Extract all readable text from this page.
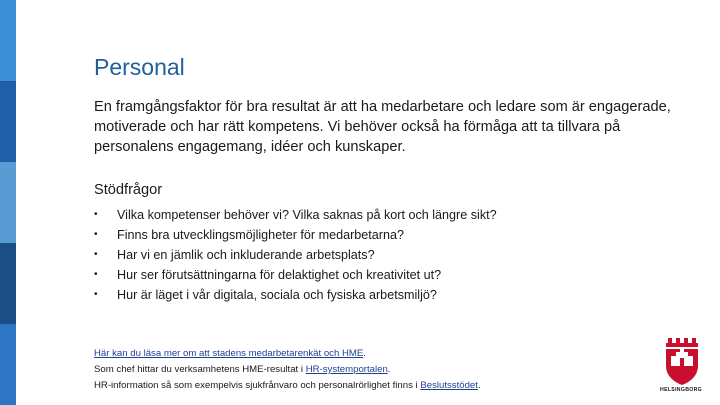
Personal

En framgångsfaktor för bra resultat är att ha medarbetare och ledare som är engagerade, motiverade och har rätt kompetens. Vi behöver också ha förmåga att ta tillvara på personalens engagemang, idéer och kunskaper.

Stödfrågor

• Vilka kompetenser behöver vi? Vilka saknas på kort och längre sikt?
• Finns bra utvecklingsmöjligheter för medarbetarna?
• Har vi en jämlik och inkluderande arbetsplats?
• Hur ser förutsättningarna för delaktighet och kreativitet ut?
• Hur är läget i vår digitala, sociala och fysiska arbetsmiljö?
Här kan du läsa mer om att stadens medarbetarenkät och HME.
Som chef hittar du verksamhetens HME-resultat i HR-systemportalen.
HR-information så som exempelvis sjukfrånvaro och personalrörlighet finns i Beslutsstödet.	HELSINGBORG
